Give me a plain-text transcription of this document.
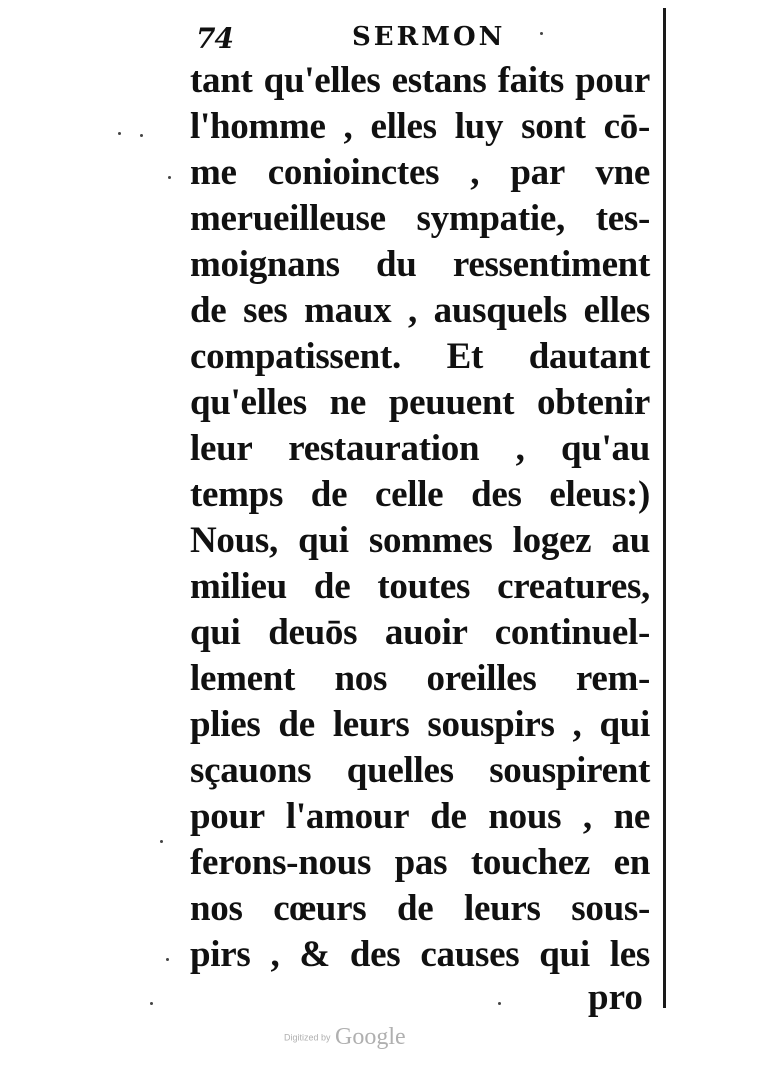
74	SERMON
tant qu'elles estans faits pour
l'homme , elles luy sont cō-
me conioinctes , par vne
merueilleuse sympatie, tes-
moignans du ressentiment
de ses maux , ausquels elles
compatissent. Et dautant
qu'elles ne peuuent obtenir
leur restauration , qu'au
temps de celle des eleus:)
Nous, qui sommes logez au
milieu de toutes creatures,
qui deuōs auoir continuel-
lement nos oreilles rem-
plies de leurs souspirs , qui
sçauons quelles souspirent
pour l'amour de nous , ne
ferons-nous pas touchez en
nos cœurs de leurs sous-
pirs , & des causes qui les
pro
Digitized by Google
